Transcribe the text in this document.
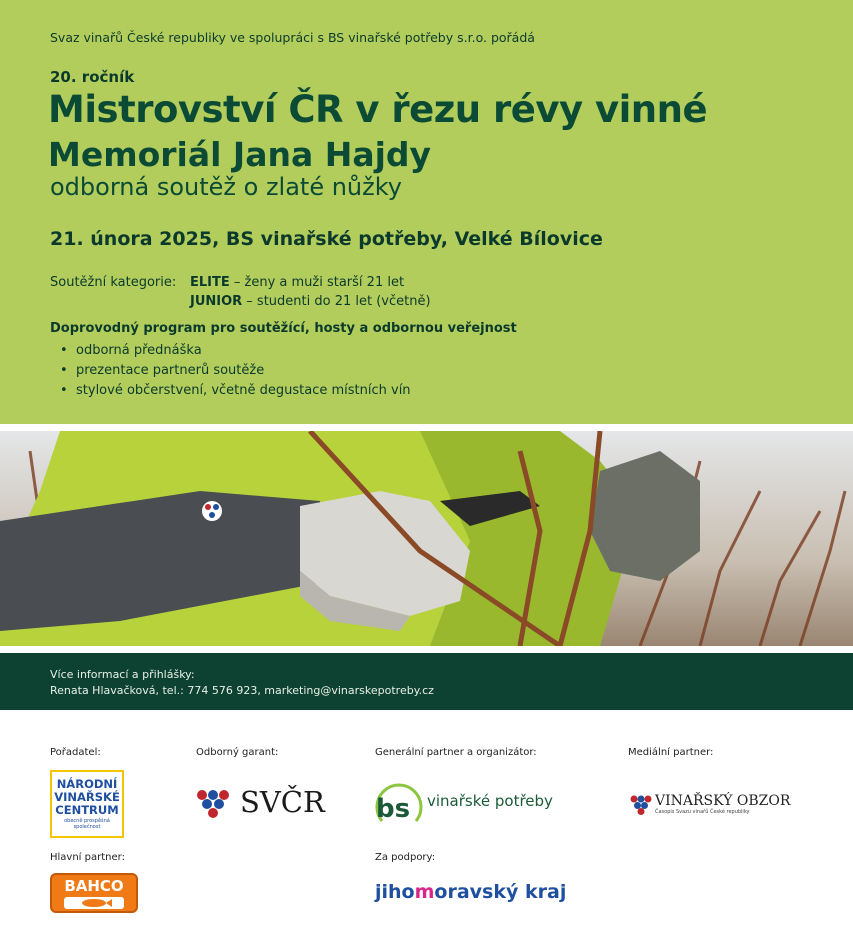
Svaz vinařů České republiky ve spolupráci s BS vinařské potřeby s.r.o. pořádá
20. ročník
Mistrovství ČR v řezu révy vinné
Memoriál Jana Hajdy
odborná soutěž o zlaté nůžky
21. února 2025, BS vinařské potřeby, Velké Bílovice
Soutěžní kategorie: ELITE – ženy a muži starší 21 let
JUNIOR – studenti do 21 let (včetně)
Doprovodný program pro soutěžící, hosty a odbornou veřejnost
• odborná přednáška
• prezentace partnerů soutěže
• stylové občerstvení, včetně degustace místních vín
Více informací a přihlášky:
Renata Hlavačková, tel.: 774 576 923, marketing@vinarskepotreby.cz
Pořadatel:	Odborný garant:	Generální partner a organizátor:	Mediální partner:
Hlavní partner:	Za podpory:
NÁRODNÍ
VINAŘSKÉ
CENTRUM
obecně prospěšná společnost
SVČR bs vinařské potřeby	VINAŘSKÝ OBZOR
Časopis Svazu vinařů České republiky
BAHCO	jihomoravský kraj
